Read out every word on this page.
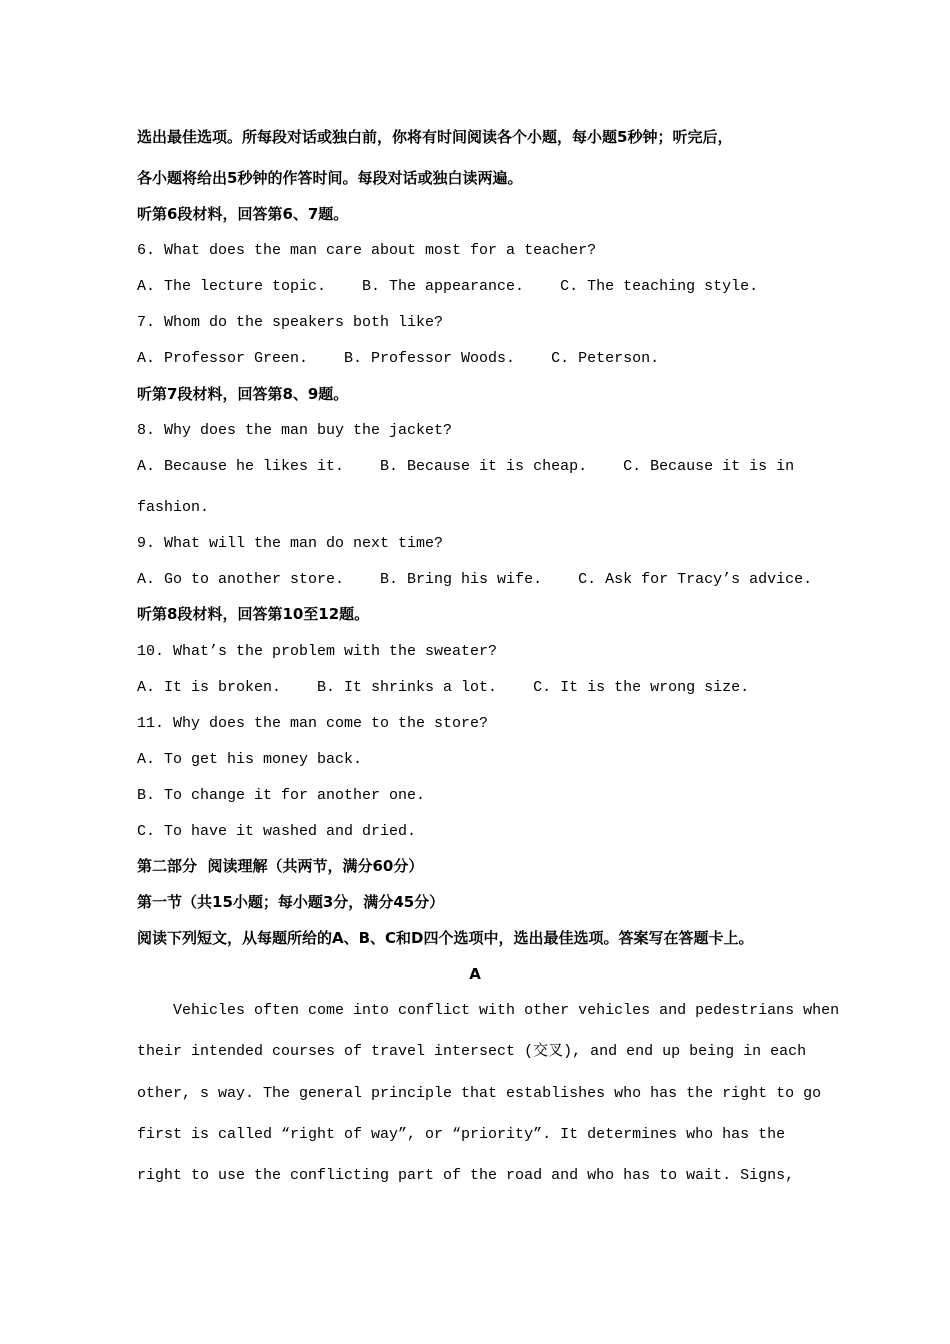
选出最佳选项。所每段对话或独白前，你将有时间阅读各个小题，每小题5秒钟；听完后，
各小题将给出5秒钟的作答时间。每段对话或独白读两遍。
听第6段材料，回答第6、7题。
6. What does the man care about most for a teacher?
A. The lecture topic.    B. The appearance.    C. The teaching style.
7. Whom do the speakers both like?
A. Professor Green.    B. Professor Woods.    C. Peterson.
听第7段材料，回答第8、9题。
8. Why does the man buy the jacket?
A. Because he likes it.    B. Because it is cheap.    C. Because it is in
fashion.
9. What will the man do next time?
A. Go to another store.    B. Bring his wife.    C. Ask for Tracy’s advice.
听第8段材料，回答第10至12题。
10. What’s the problem with the sweater?
A. It is broken.    B. It shrinks a lot.    C. It is the wrong size.
11. Why does the man come to the store?
A. To get his money back.
B. To change it for another one.
C. To have it washed and dried.
第二部分  阅读理解（共两节，满分60分）
第一节（共15小题；每小题3分，满分45分）
阅读下列短文，从每题所给的A、B、C和D四个选项中，选出最佳选项。答案写在答题卡上。
A
Vehicles often come into conflict with other vehicles and pedestrians when
their intended courses of travel intersect (交叉), and end up being in each
other, s way. The general principle that establishes who has the right to go
first is called “right of way”, or “priority”. It determines who has the
right to use the conflicting part of the road and who has to wait. Signs,
